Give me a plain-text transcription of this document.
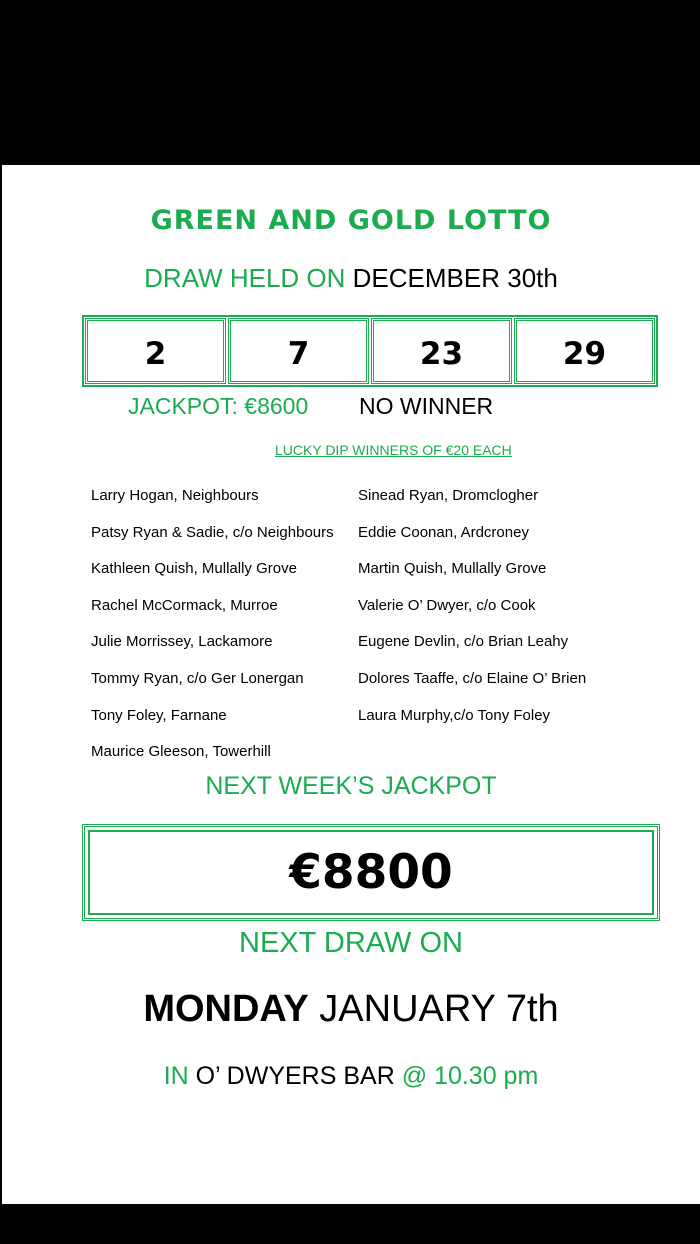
GREEN AND GOLD LOTTO
DRAW HELD ON DECEMBER 30th
2	7	23	29
JACKPOT: €8600 NO WINNER
LUCKY DIP WINNERS OF €20 EACH
Larry Hogan, Neighbours
Patsy Ryan & Sadie, c/o Neighbours
Kathleen Quish, Mullally Grove
Rachel McCormack, Murroe
Julie Morrissey, Lackamore
Tommy Ryan, c/o Ger Lonergan
Tony Foley, Farnane
Maurice Gleeson, Towerhill
Sinead Ryan, Dromclogher
Eddie Coonan, Ardcroney
Martin Quish, Mullally Grove
Valerie O’ Dwyer, c/o Cook
Eugene Devlin, c/o Brian Leahy
Dolores Taaffe, c/o Elaine O’ Brien
Laura Murphy,c/o Tony Foley
NEXT WEEK’S JACKPOT
€8800
NEXT DRAW ON
MONDAY JANUARY 7th
IN O’ DWYERS BAR @ 10.30 pm
